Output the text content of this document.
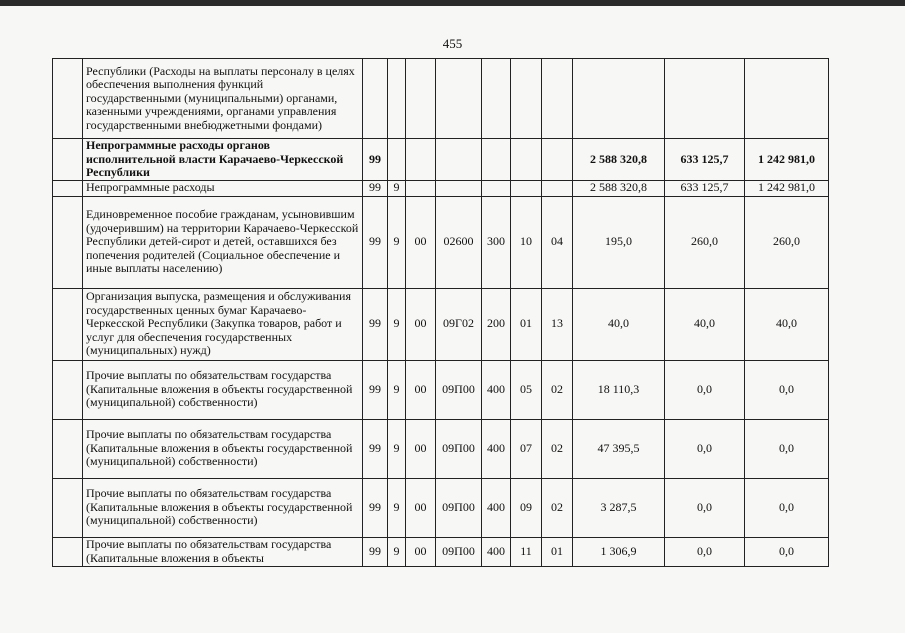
455
	Республики (Расходы на выплаты персоналу в целях обеспечения выполнения функций государственными (муниципальными) органами, казенными учреждениями, органами управления государственными внебюджетными фондами)										
	Непрограммные расходы органов исполнительной власти Карачаево-Черкесской Республики	99							2 588 320,8	633 125,7	1 242 981,0
	Непрограммные расходы	99	9						2 588 320,8	633 125,7	1 242 981,0
	Единовременное пособие гражданам, усыновившим (удочерившим) на территории Карачаево-Черкесской Республики детей-сирот и детей, оставшихся без попечения родителей (Социальное обеспечение и иные выплаты населению)	99	9	00	02600	300	10	04	195,0	260,0	260,0
	Организация выпуска, размещения и обслуживания государственных ценных бумаг Карачаево-Черкесской Республики (Закупка товаров, работ и услуг для обеспечения государственных (муниципальных) нужд)	99	9	00	09Г02	200	01	13	40,0	40,0	40,0
	Прочие выплаты по обязательствам государства (Капитальные вложения в объекты государственной (муниципальной) собственности)	99	9	00	09П00	400	05	02	18 110,3	0,0	0,0
	Прочие выплаты по обязательствам государства (Капитальные вложения в объекты государственной (муниципальной) собственности)	99	9	00	09П00	400	07	02	47 395,5	0,0	0,0
	Прочие выплаты по обязательствам государства (Капитальные вложения в объекты государственной (муниципальной) собственности)	99	9	00	09П00	400	09	02	3 287,5	0,0	0,0
	Прочие выплаты по обязательствам государства (Капитальные вложения в объекты	99	9	00	09П00	400	11	01	1 306,9	0,0	0,0
